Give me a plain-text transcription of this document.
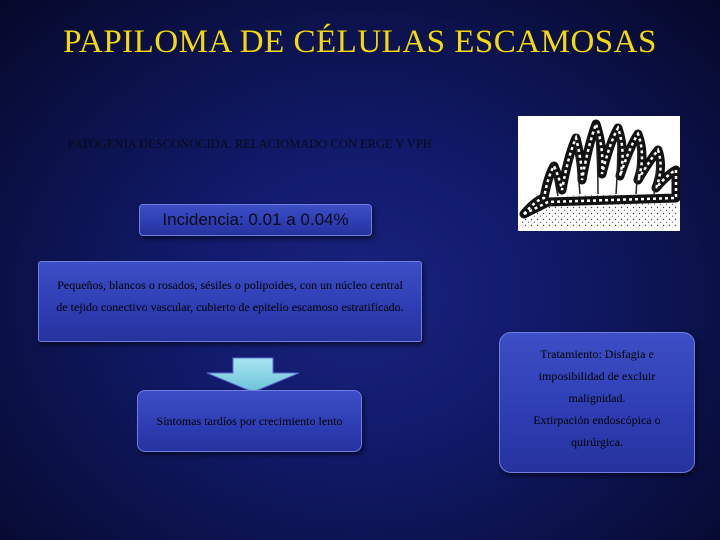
PAPILOMA DE CÉLULAS ESCAMOSAS
PATOGENIA DESCONOCIDA. RELACIOMADO CON ERGE Y VPH
Incidencia: 0.01 a 0.04%
Pequeños, blancos o rosados, sésiles o polipoides, con un núcleo central
de tejido conectivo vascular, cubierto de epitelio escamoso estratificado.
Síntomas tardíos por crecimiento lento
Tratamiento: Disfagia e
imposibilidad de excluir
malignidad.
Extirpación endoscópica o
quirúrgica.
